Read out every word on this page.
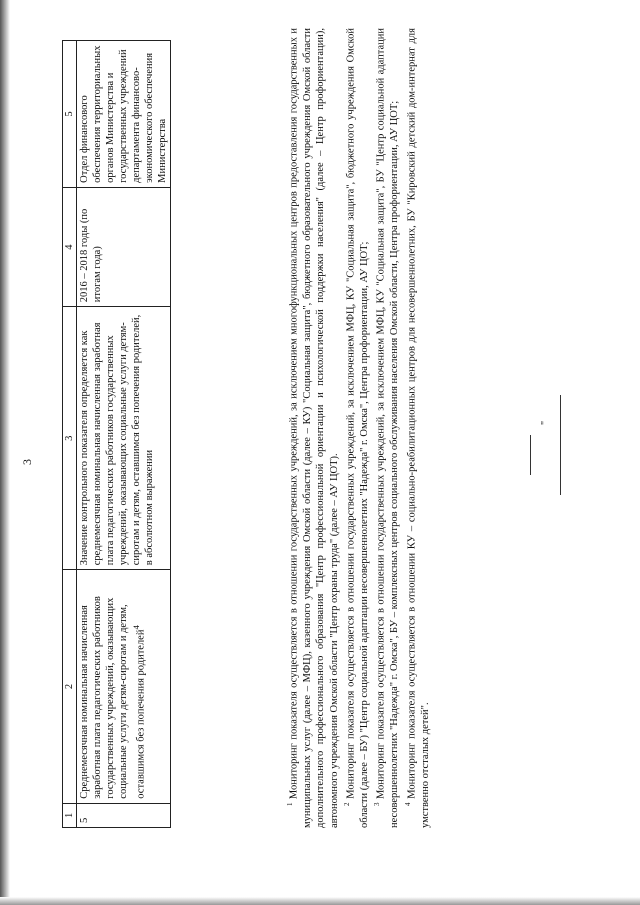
3
1	2	3	4	5
5	Среднемесячная номинальная начисленная заработная плата педагогических работников государственных учреждений, оказывающих социальные услуги детям-сиротам и детям, оставшимся без попечения родителей$^4$	Значение контрольного показателя определяется как среднемесячная номинальная начисленная заработная плата педагогических работников государственных учреждений, оказывающих социальные услуги детям-сиротам и детям, оставшимся без попечения родителей, в абсолютном выражении	2016 – 2018 годы (по итогам года)	Отдел финансового обеспечения территориальных органов Министерства и государственных учреждений департамента финансово-экономического обеспечения Министерства

$^1$ Мониторинг показателя осуществляется в отношении государственных учреждений, за исключением многофункциональных центров предоставления государственных и муниципальных услуг (далее – МФЦ), казенного учреждения Омской области (далее – КУ) "Социальная защита", бюджетного образовательного учреждения Омской области дополнительного профессионального образования "Центр профессиональной ориентации и психологической поддержки населения" (далее – Центр профориентации), автономного учреждения Омской области "Центр охраны труда" (далее – АУ ЦОТ). $^2$ Мониторинг показателя осуществляется в отношении государственных учреждений, за исключением МФЦ, КУ "Социальная защита", бюджетного учреждения Омской области (далее – БУ) "Центр социальной адаптации несовершеннолетних "Надежда" г. Омска", Центра профориентации, АУ ЦОТ; $^3$ Мониторинг показателя осуществляется в отношении государственных учреждений, за исключением МФЦ, КУ "Социальная защита", БУ "Центр социальной адаптации несовершеннолетних "Надежда" г. Омска", БУ – комплексных центров социального обслуживания населения Омской области, Центра профориентации, АУ ЦОТ; $^4$ Мониторинг показателя осуществляется в отношении КУ – социально-реабилитационных центров для несовершеннолетних, БУ "Кировский детский дом-интернат для умственно отсталых детей".

"
